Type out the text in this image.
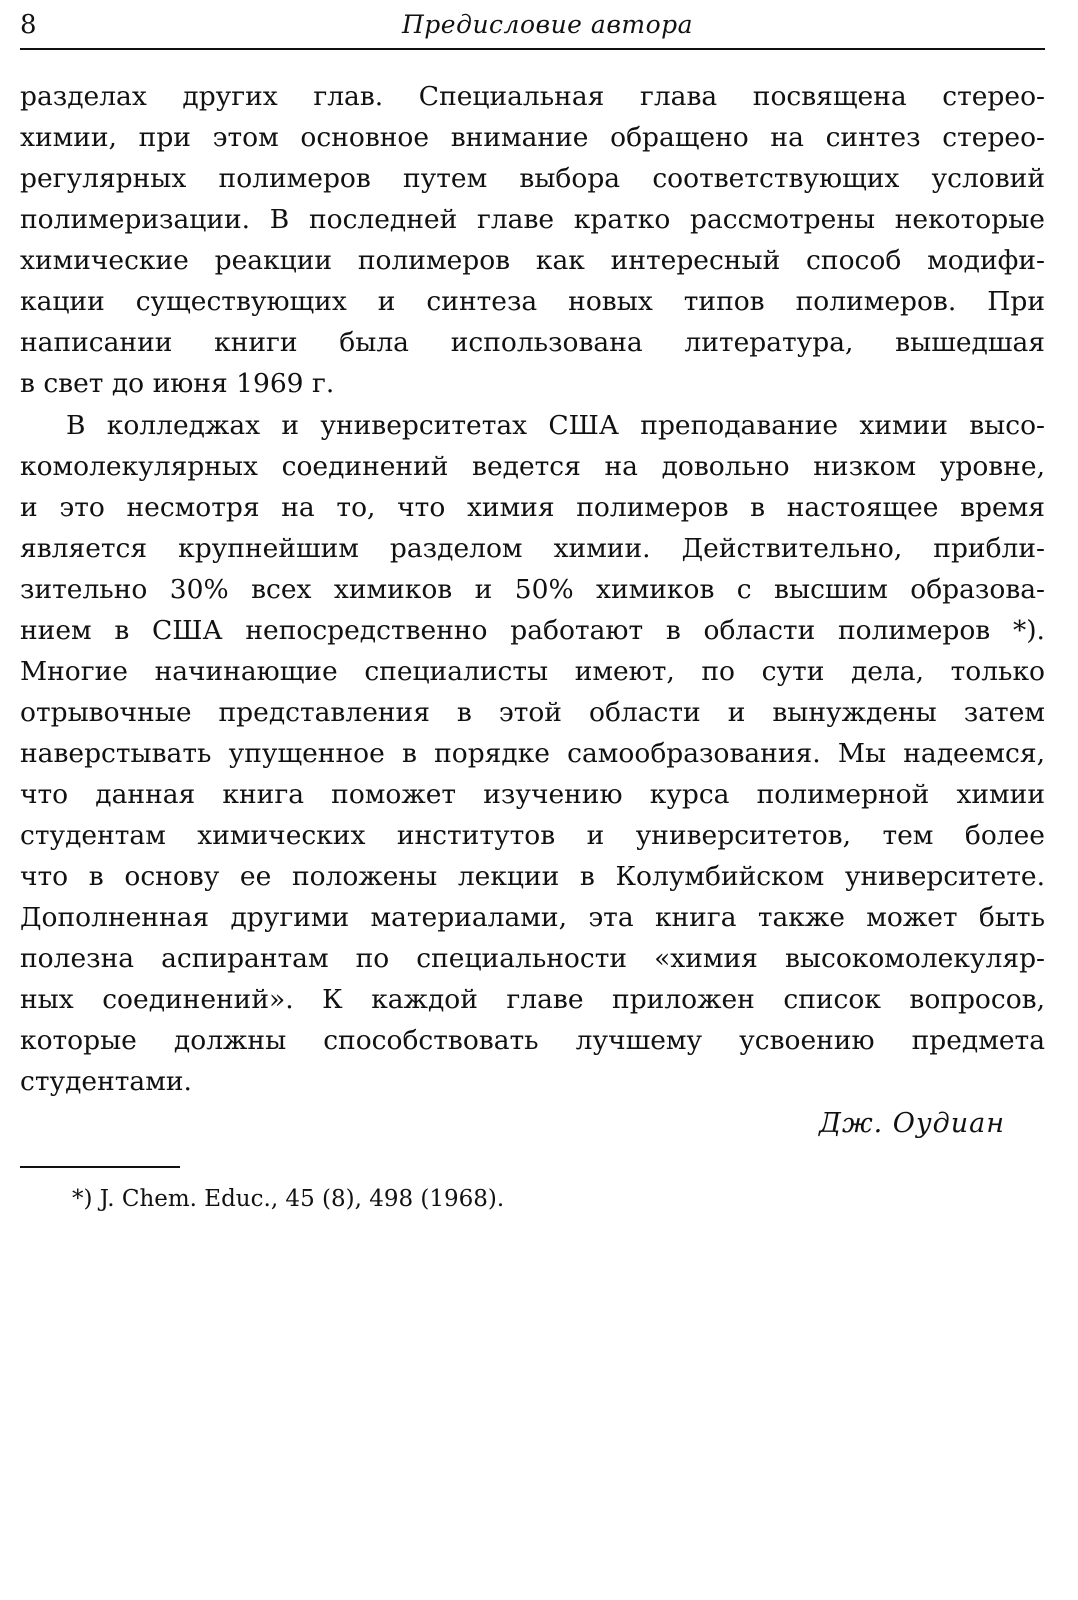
8	Предисловие автора
разделах других глав. Специальная глава посвящена стерео-
химии, при этом основное внимание обращено на синтез стерео-
регулярных полимеров путем выбора соответствующих условий
полимеризации. В последней главе кратко рассмотрены некоторые
химические реакции полимеров как интересный способ модифи-
кации существующих и синтеза новых типов полимеров. При
написании книги была использована литература, вышедшая
в свет до июня 1969 г.
В колледжах и университетах США преподавание химии высо-
комолекулярных соединений ведется на довольно низком уровне,
и это несмотря на то, что химия полимеров в настоящее время
является крупнейшим разделом химии. Действительно, прибли-
зительно 30% всех химиков и 50% химиков с высшим образова-
нием в США непосредственно работают в области полимеров *).
Многие начинающие специалисты имеют, по сути дела, только
отрывочные представления в этой области и вынуждены затем
наверстывать упущенное в порядке самообразования. Мы надеемся,
что данная книга поможет изучению курса полимерной химии
студентам химических институтов и университетов, тем более
что в основу ее положены лекции в Колумбийском университете.
Дополненная другими материалами, эта книга также может быть
полезна аспирантам по специальности «химия высокомолекуляр-
ных соединений». К каждой главе приложен список вопросов,
которые должны способствовать лучшему усвоению предмета
студентами.
Дж. Оудиан
*) J. Chem. Educ., 45 (8), 498 (1968).
